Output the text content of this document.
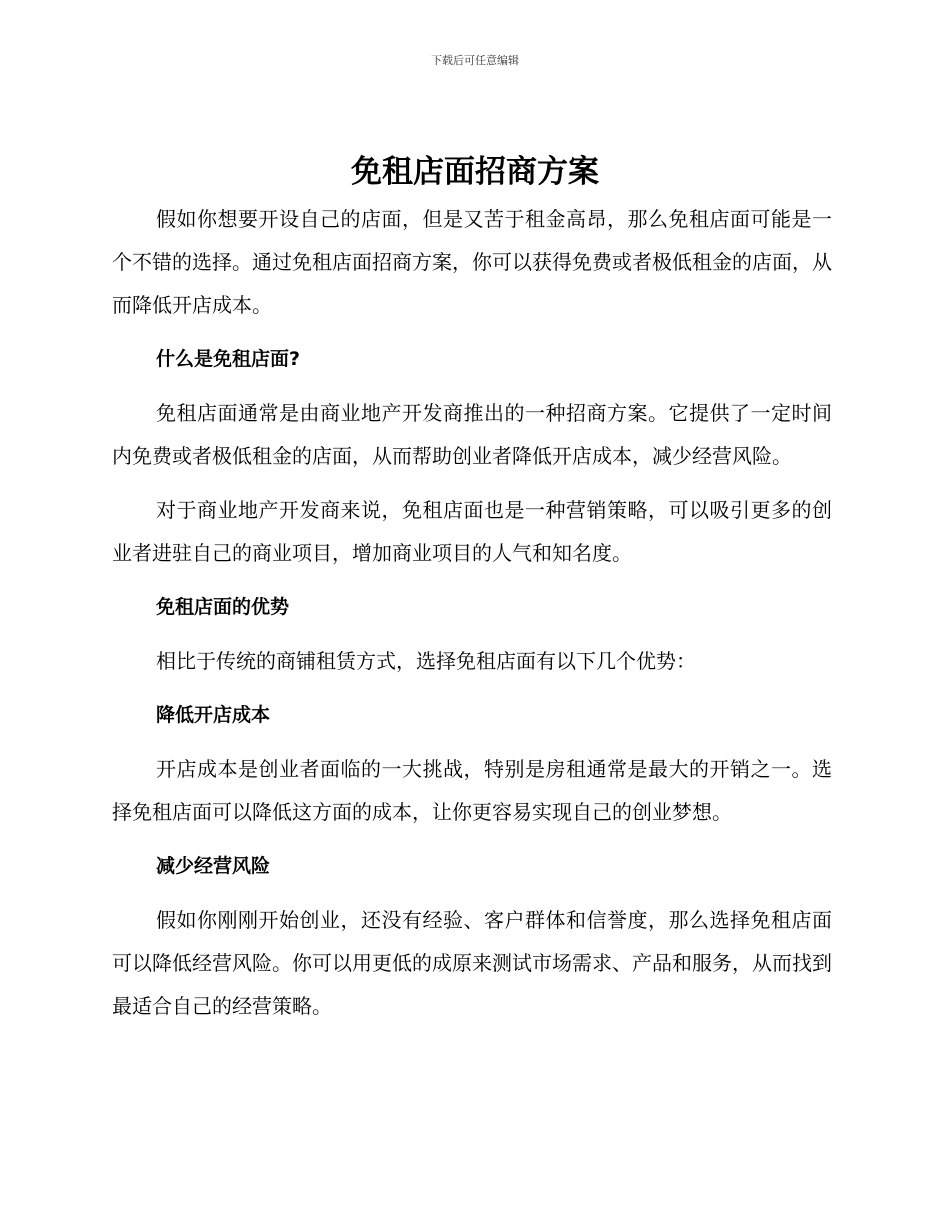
下载后可任意编辑
免租店面招商方案

假如你想要开设自己的店面，但是又苦于租金高昂，那么免租店面可能是一个不错的选择。通过免租店面招商方案，你可以获得免费或者极低租金的店面，从而降低开店成本。

什么是免租店面?

免租店面通常是由商业地产开发商推出的一种招商方案。它提供了一定时间内免费或者极低租金的店面，从而帮助创业者降低开店成本，减少经营风险。

对于商业地产开发商来说，免租店面也是一种营销策略，可以吸引更多的创业者进驻自己的商业项目，增加商业项目的人气和知名度。

免租店面的优势

相比于传统的商铺租赁方式，选择免租店面有以下几个优势：

降低开店成本

开店成本是创业者面临的一大挑战，特别是房租通常是最大的开销之一。选择免租店面可以降低这方面的成本，让你更容易实现自己的创业梦想。

减少经营风险

假如你刚刚开始创业，还没有经验、客户群体和信誉度，那么选择免租店面可以降低经营风险。你可以用更低的成原来测试市场需求、产品和服务，从而找到最适合自己的经营策略。
